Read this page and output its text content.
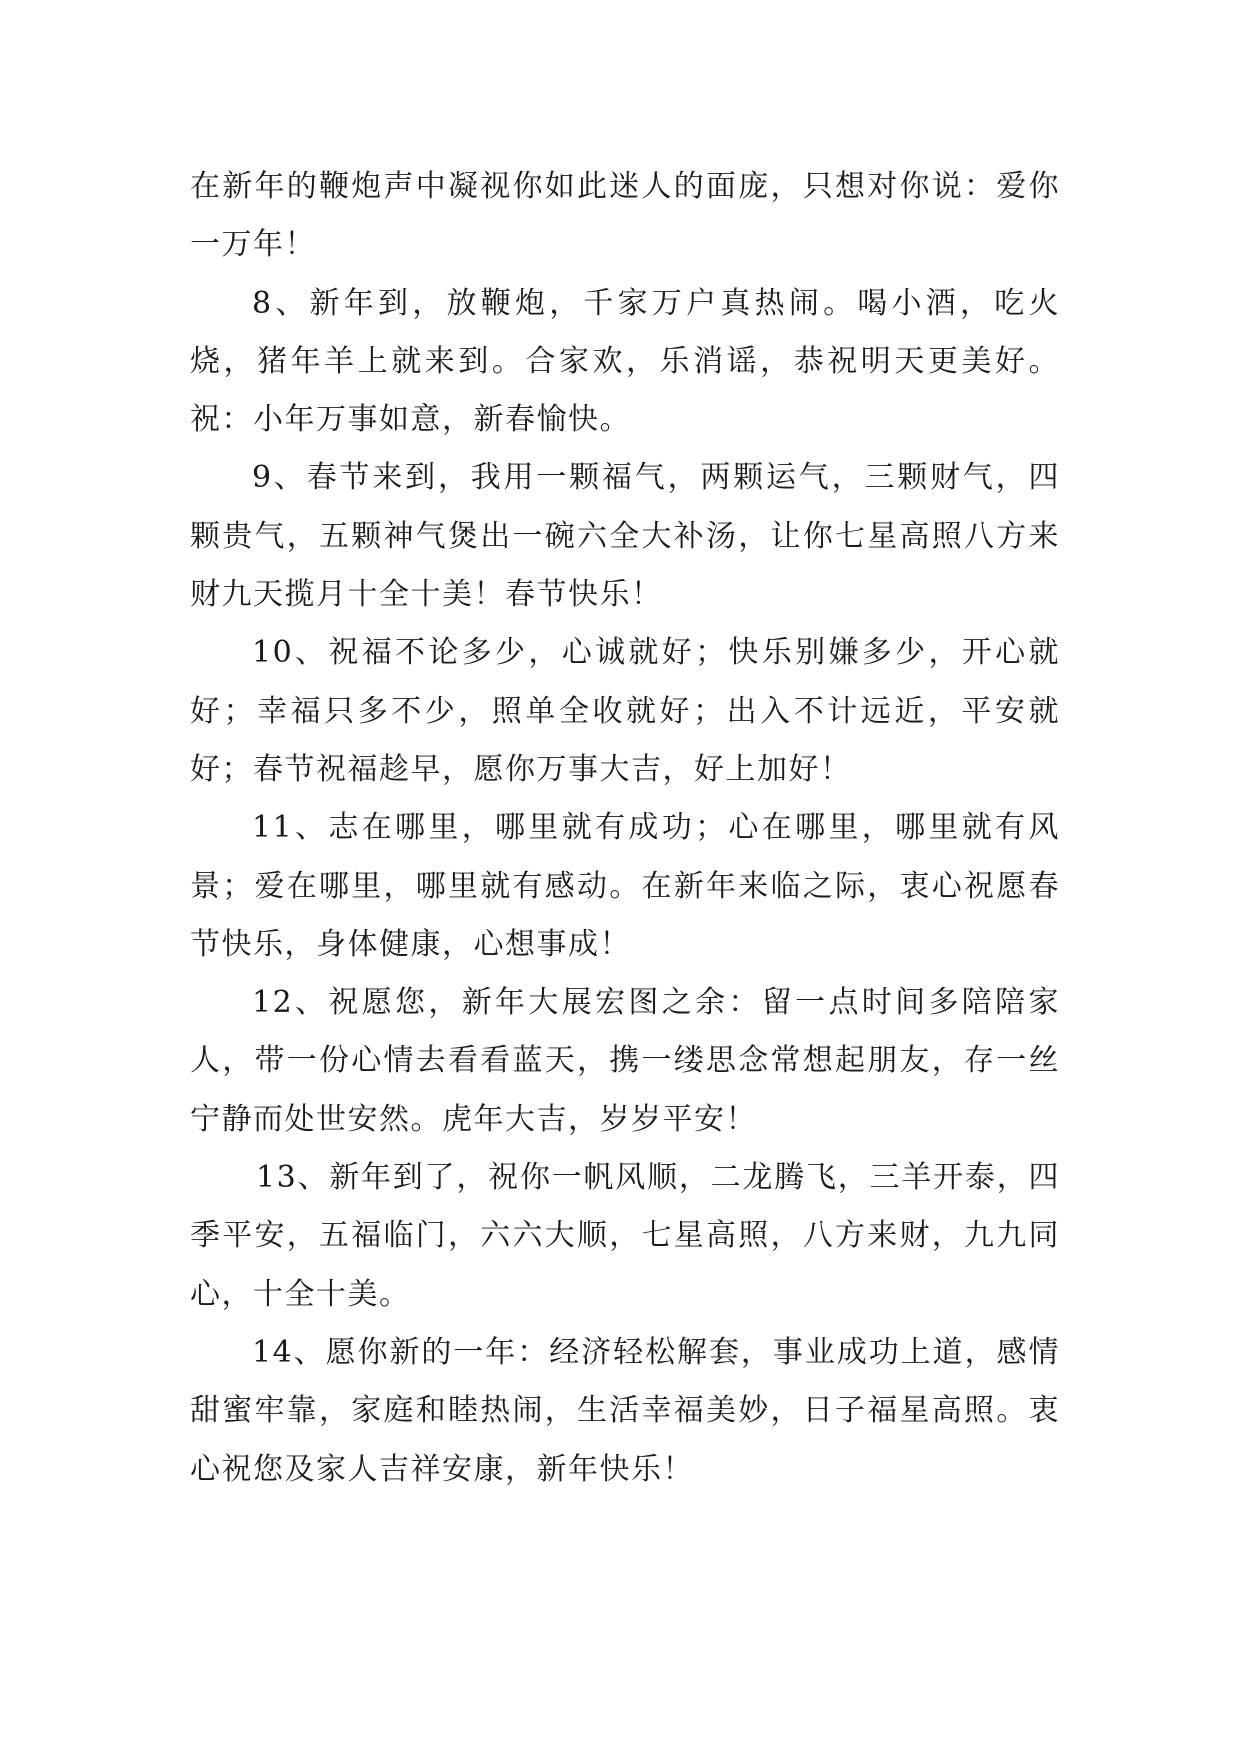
在新年的鞭炮声中凝视你如此迷人的面庞，只想对你说：爱你一万年！

8、新年到，放鞭炮，千家万户真热闹。喝小酒，吃火烧，猪年羊上就来到。合家欢，乐消谣，恭祝明天更美好。祝：小年万事如意，新春愉快。

9、春节来到，我用一颗福气，两颗运气，三颗财气，四颗贵气，五颗神气煲出一碗六全大补汤，让你七星高照八方来财九天揽月十全十美！春节快乐！

10、祝福不论多少，心诚就好；快乐别嫌多少，开心就好；幸福只多不少，照单全收就好；出入不计远近，平安就好；春节祝福趁早，愿你万事大吉，好上加好！

11、志在哪里，哪里就有成功；心在哪里，哪里就有风景；爱在哪里，哪里就有感动。在新年来临之际，衷心祝愿春节快乐，身体健康，心想事成！

12、祝愿您，新年大展宏图之余：留一点时间多陪陪家人，带一份心情去看看蓝天，携一缕思念常想起朋友，存一丝宁静而处世安然。虎年大吉，岁岁平安！

13、新年到了，祝你一帆风顺，二龙腾飞，三羊开泰，四季平安，五福临门，六六大顺，七星高照，八方来财，九九同心，十全十美。

14、愿你新的一年：经济轻松解套，事业成功上道，感情甜蜜牢靠，家庭和睦热闹，生活幸福美妙，日子福星高照。衷心祝您及家人吉祥安康，新年快乐！
